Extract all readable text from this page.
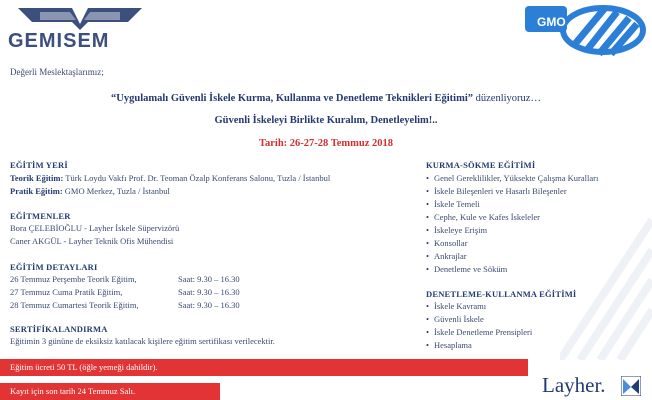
GEMISEM
GMO
Değerli Meslektaşlarımız;
“Uygulamalı Güvenli İskele Kurma, Kullanma ve Denetleme Teknikleri Eğitimi” düzenliyoruz…
Güvenli İskeleyi Birlikte Kuralım, Denetleyelim!..
Tarih: 26-27-28 Temmuz 2018
EĞİTİM YERİ
Teorik Eğitim: Türk Loydu Vakfı Prof. Dr. Teoman Özalp Konferans Salonu, Tuzla / İstanbul
Pratik Eğitim: GMO Merkez, Tuzla / İstanbul
EĞİTMENLER
Bora ÇELEBİOĞLU - Layher İskele Süpervizörü
Caner AKGÜL - Layher Teknik Ofis Mühendisi
EĞİTİM DETAYLARI
26 Temmuz Perşembe Teorik Eğitim,	Saat: 9.30 – 16.30
27 Temmuz Cuma Pratik Eğitim,	Saat: 9.30 – 16.30
28 Temmuz Cumartesi Teorik Eğitim,	Saat: 9.30 – 16.30
SERTİFİKALANDIRMA
Eğitimin 3 gününe de eksiksiz katılacak kişilere eğitim sertifikası verilecektir.
KURMA-SÖKME EĞİTİMİ
• Genel Gereklilikler, Yüksekte Çalışma Kuralları
• İskele Bileşenleri ve Hasarlı Bileşenler
• İskele Temeli
• Cephe, Kule ve Kafes İskeleler
• İskeleye Erişim
• Konsollar
• Ankrajlar
• Denetleme ve Söküm
DENETLEME-KULLANMA EĞİTİMİ
• İskele Kavramı
• Güvenli İskele
• İskele Denetleme Prensipleri
• Hesaplama
Eğitim ücreti 50 TL (öğle yemeği dahildir).
Kayıt için son tarih 24 Temmuz Salı.	Layher.
